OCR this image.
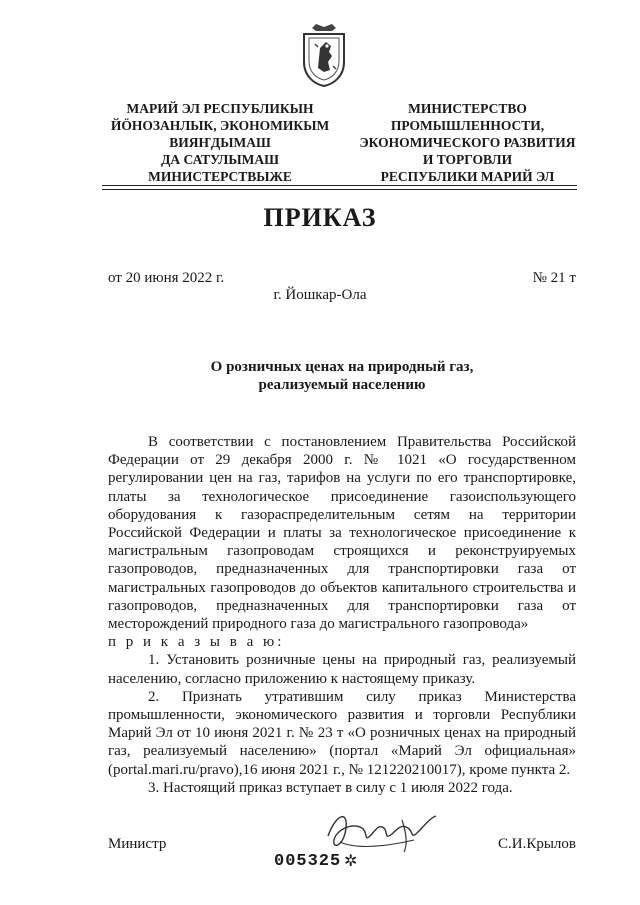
МАРИЙ ЭЛ РЕСПУБЛИКЫН
ЙӦНОЗАНЛЫК, ЭКОНОМИКЫМ
ВИЯҤДЫМАШ
ДА САТУЛЫМАШ
МИНИСТЕРСТВЫЖЕ
МИНИСТЕРСТВО
ПРОМЫШЛЕННОСТИ,
ЭКОНОМИЧЕСКОГО РАЗВИТИЯ
И ТОРГОВЛИ
РЕСПУБЛИКИ МАРИЙ ЭЛ
ПРИКАЗ
от 20 июня 2022 г.	№ 21 т
г. Йошкар-Ола
О розничных ценах на природный газ,
реализуемый населению

В соответствии с постановлением Правительства Российской Федерации от 29 декабря 2000 г. № 1021 «О государственном регулировании цен на газ, тарифов на услуги по его транспортировке, платы за технологическое присоединение газоиспользующего оборудования к газораспределительным сетям на территории Российской Федерации и платы за технологическое присоединение к магистральным газопроводам строящихся и реконструируемых газопроводов, предназначенных для транспортировки газа от магистральных газопроводов до объектов капитального строительства и газопроводов, предназначенных для транспортировки газа от месторождений природного газа до магистрального газопровода»

п р и к а з ы в а ю:

1. Установить розничные цены на природный газ, реализуемый населению, согласно приложению к настоящему приказу.

2. Признать утратившим силу приказ Министерства промышленности, экономического развития и торговли Республики Марий Эл от 10 июня 2021 г. № 23 т «О розничных ценах на природный газ, реализуемый населению» (портал «Марий Эл официальная» (portal.mari.ru/pravo),16 июня 2021 г., № 121220210017), кроме пункта 2.

3. Настоящий приказ вступает в силу с 1 июля 2022 года.

Министр	С.И.Крылов
005325 ✲
